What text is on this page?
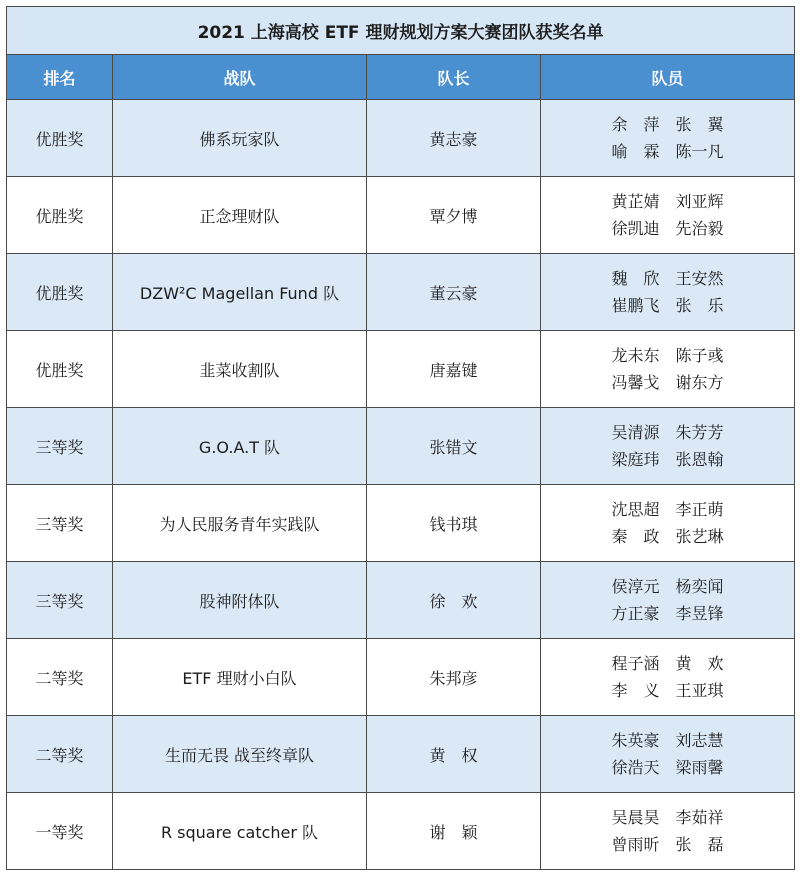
2021 上海高校 ETF 理财规划方案大赛团队获奖名单			
排名	战队	队长	队员
优胜奖	佛系玩家队	黄志豪	余　萍　张　翼
喻　霖　陈一凡

优胜奖	正念理财队	覃夕博	黄芷婧　刘亚辉
徐凯迪　先治毅

优胜奖	DZW²C Magellan Fund 队	董云豪	魏　欣　王安然
崔鹏飞　张　乐

优胜奖	韭菜收割队	唐嘉键	龙未东　陈子彧
冯馨戈　谢东方

三等奖	G.O.A.T 队	张错文	吴清源　朱芳芳
梁庭玮　张恩翰

三等奖	为人民服务青年实践队	钱书琪	沈思超　李正萌
秦　政　张艺琳

三等奖	股神附体队	徐　欢	侯淳元　杨奕闻
方正豪　李昱锋

二等奖	ETF 理财小白队	朱邦彦	程子涵　黄　欢
李　义　王亚琪

二等奖	生而无畏 战至终章队	黄　权	朱英豪　刘志慧
徐浩天　梁雨馨

一等奖	R square catcher 队	谢　颖	吴晨昊　李茹祥
曾雨昕　张　磊
